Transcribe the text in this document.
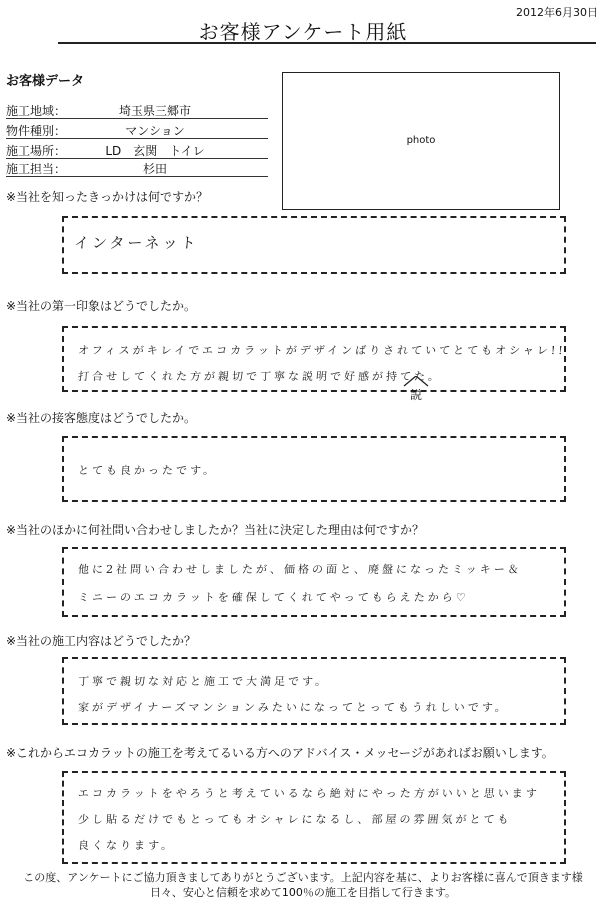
2012年6月30日
お客様アンケート用紙
お客様データ
施工地域：	埼玉県三郷市
物件種別：	マンション
施工場所：	LD　玄関　トイレ
施工担当：	杉田
photo
※当社を知ったきっかけは何ですか？
インターネット
※当社の第一印象はどうでしたか。
オフィスがキレイでエコカラットがデザインばりされていてとてもオシャレ!!
打合せしてくれた方が親切で丁寧な説明で好感が持てた。
説
※当社の接客態度はどうでしたか。
とても良かったです。
※当社のほかに何社問い合わせしましたか？当社に決定した理由は何ですか？
他に2社問い合わせしましたが、価格の面と、廃盤になったミッキー＆
ミニーのエコカラットを確保してくれてやってもらえたから♡
※当社の施工内容はどうでしたか？
丁寧で親切な対応と施工で大満足です。
家がデザイナーズマンションみたいになってとってもうれしいです。
※これからエコカラットの施工を考えてるいる方へのアドバイス・メッセージがあればお願いします。
エコカラットをやろうと考えているなら絶対にやった方がいいと思います
少し貼るだけでもとってもオシャレになるし、部屋の雰囲気がとても
良くなります。
この度、アンケートにご協力頂きましてありがとうございます。上記内容を基に、よりお客様に喜んで頂きます様
日々、安心と信頼を求めて100％の施工を目指して行きます。
